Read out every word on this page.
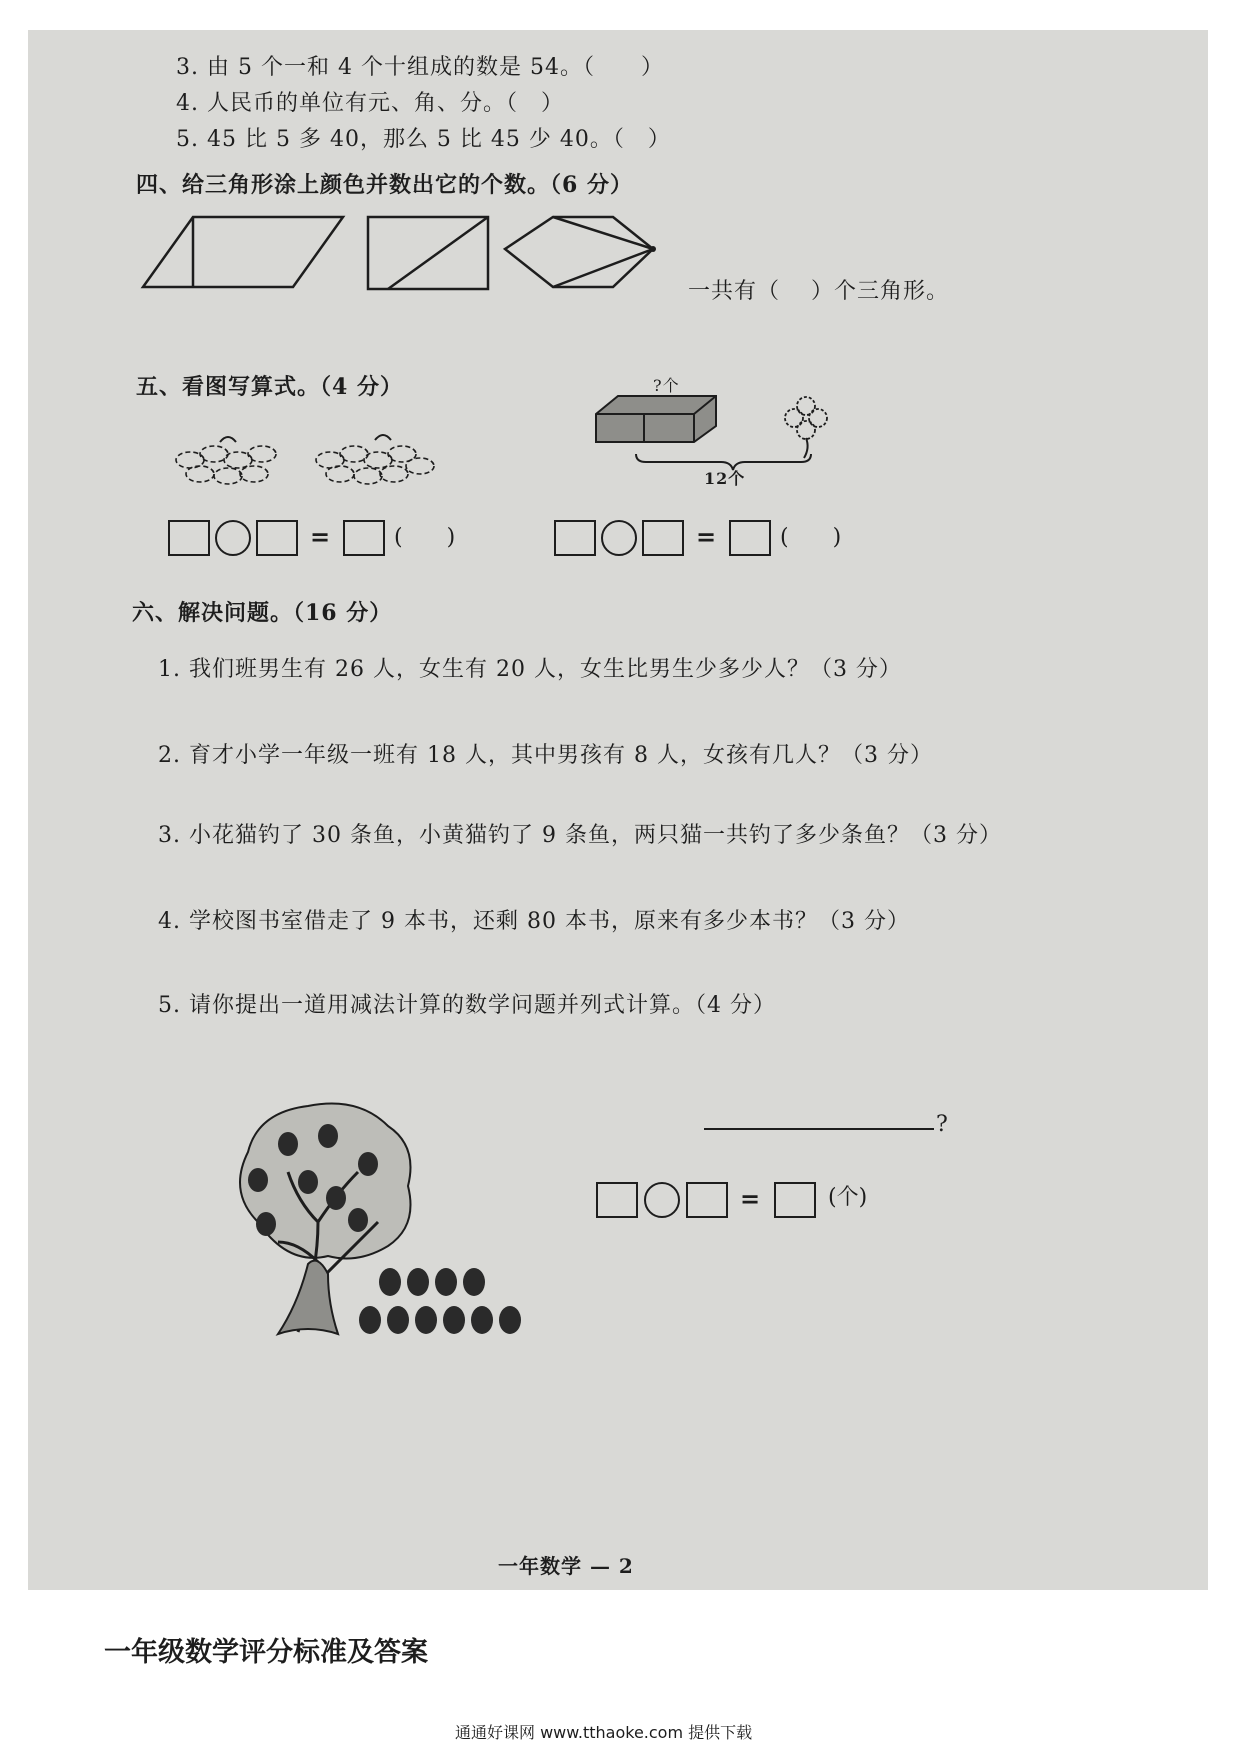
3. 由 5 个一和 4 个十组成的数是 54。（　　）
4. 人民币的单位有元、角、分。（　）
5. 45 比 5 多 40，那么 5 比 45 少 40。（　）
四、给三角形涂上颜色并数出它的个数。（6 分）
一共有（　 ）个三角形。
五、看图写算式。（4 分）	?个
12个
=	(　　)	=	(　　)
六、解决问题。（16 分）
1. 我们班男生有 26 人，女生有 20 人，女生比男生少多少人？（3 分）
2. 育才小学一年级一班有 18 人，其中男孩有 8 人，女孩有几人？（3 分）
3. 小花猫钓了 30 条鱼，小黄猫钓了 9 条鱼，两只猫一共钓了多少条鱼？（3 分）
4. 学校图书室借走了 9 本书，还剩 80 本书，原来有多少本书？（3 分）
5. 请你提出一道用减法计算的数学问题并列式计算。（4 分）
?
=	(个)
一年数学 — 2
一年级数学评分标准及答案
通通好课网 www.tthaoke.com 提供下载
